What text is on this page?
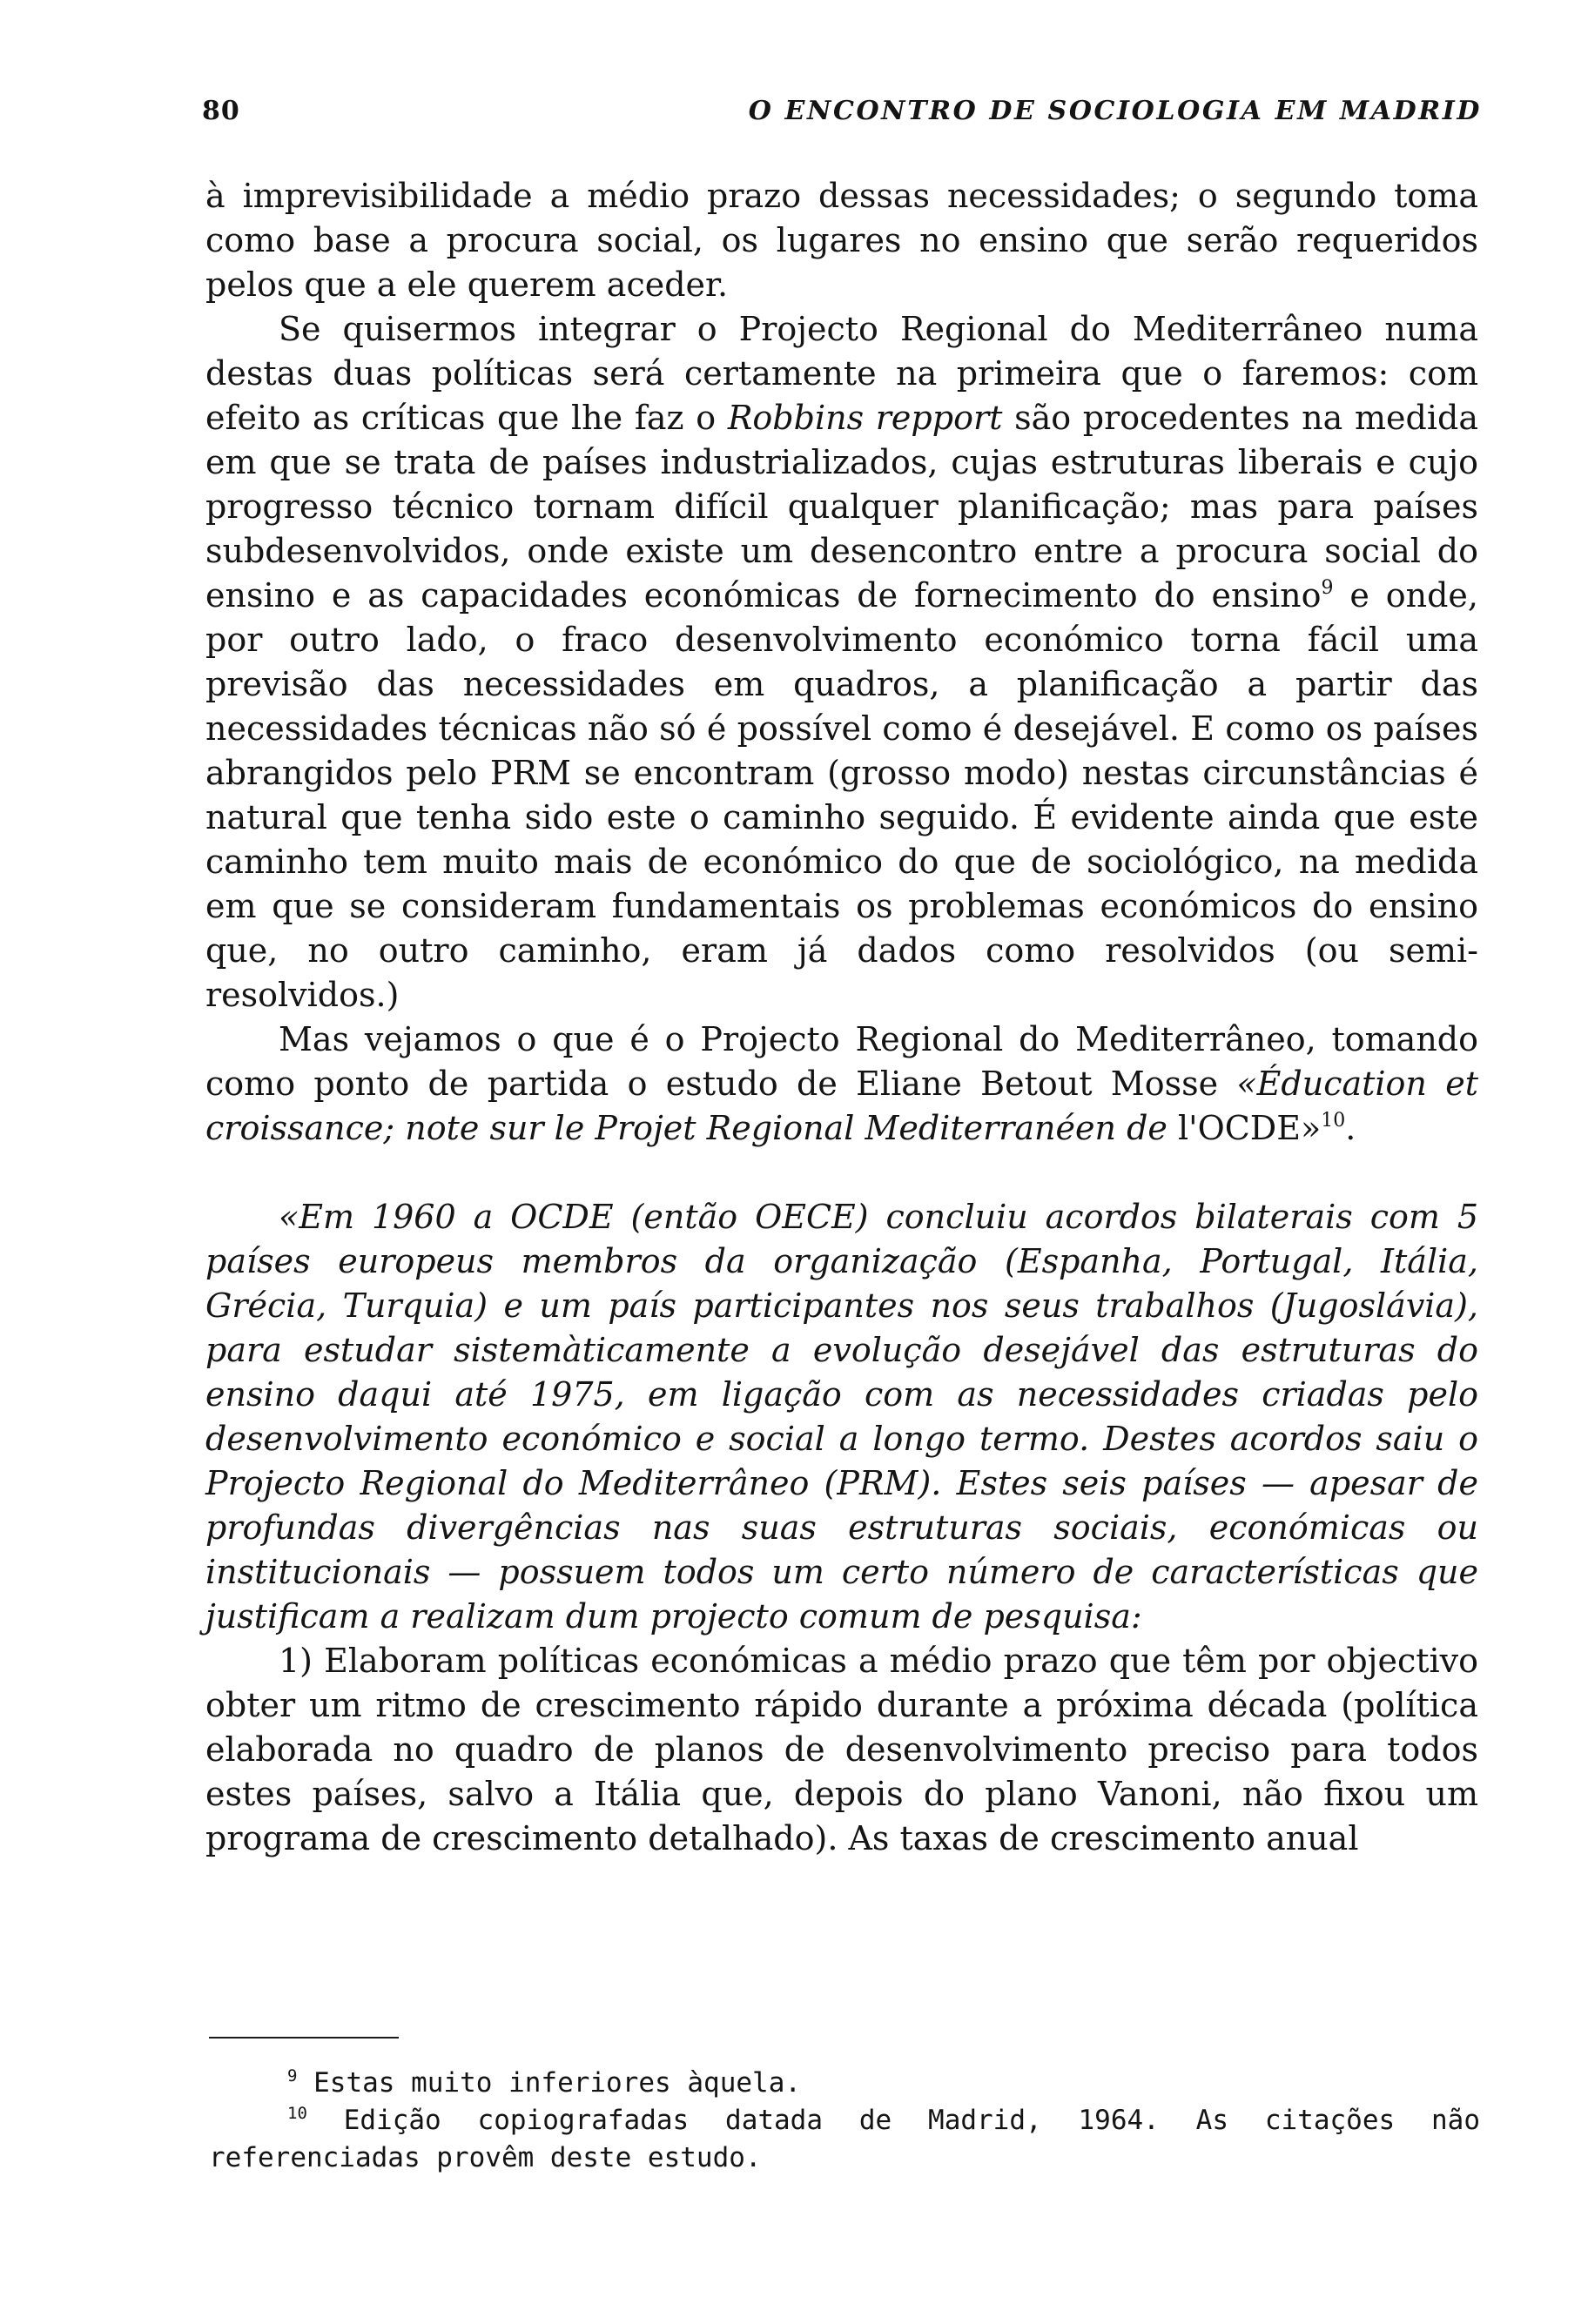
80	O ENCONTRO DE SOCIOLOGIA EM MADRID

à imprevisibilidade a médio prazo dessas necessidades; o segundo toma como base a procura social, os lugares no ensino que serão requeridos pelos que a ele querem aceder.

Se quisermos integrar o Projecto Regional do Mediterrâneo numa destas duas políticas será certamente na primeira que o faremos: com efeito as críticas que lhe faz o Robbins repport são procedentes na medida em que se trata de países industrializados, cujas estruturas liberais e cujo progresso técnico tornam difícil qualquer planificação; mas para países subdesenvolvidos, onde existe um desencontro entre a procura social do ensino e as capacidades económicas de fornecimento do ensino$^9$ e onde, por outro lado, o fraco desenvolvimento económico torna fácil uma previsão das necessidades em quadros, a planificação a partir das necessidades técnicas não só é possível como é desejável. E como os países abrangidos pelo PRM se encontram (grosso modo) nestas circunstâncias é natural que tenha sido este o caminho seguido. É evidente ainda que este caminho tem muito mais de económico do que de sociológico, na medida em que se consideram fundamentais os problemas económicos do ensino que, no outro caminho, eram já dados como resolvidos (ou semi-resolvidos.)

Mas vejamos o que é o Projecto Regional do Mediterrâneo, tomando como ponto de partida o estudo de Eliane Betout Mosse «Éducation et croissance; note sur le Projet Regional Mediterranéen de l'OCDE»$^{10}$.

«Em 1960 a OCDE (então OECE) concluiu acordos bilaterais com 5 países europeus membros da organização (Espanha, Portugal, Itália, Grécia, Turquia) e um país participantes nos seus trabalhos (Jugoslávia), para estudar sistemàticamente a evolução desejável das estruturas do ensino daqui até 1975, em ligação com as necessidades criadas pelo desenvolvimento económico e social a longo termo. Destes acordos saiu o Projecto Regional do Mediterrâneo (PRM). Estes seis países — apesar de profundas divergências nas suas estruturas sociais, económicas ou institucionais — possuem todos um certo número de características que justificam a realizam dum projecto comum de pesquisa:

1) Elaboram políticas económicas a médio prazo que têm por objectivo obter um ritmo de crescimento rápido durante a próxima década (política elaborada no quadro de planos de desenvolvimento preciso para todos estes países, salvo a Itália que, depois do plano Vanoni, não fixou um programa de crescimento detalhado). As taxas de crescimento anual

$^9$ Estas muito inferiores àquela.

$^{10}$ Edição copiografadas datada de Madrid, 1964. As citações não referenciadas provêm deste estudo.
